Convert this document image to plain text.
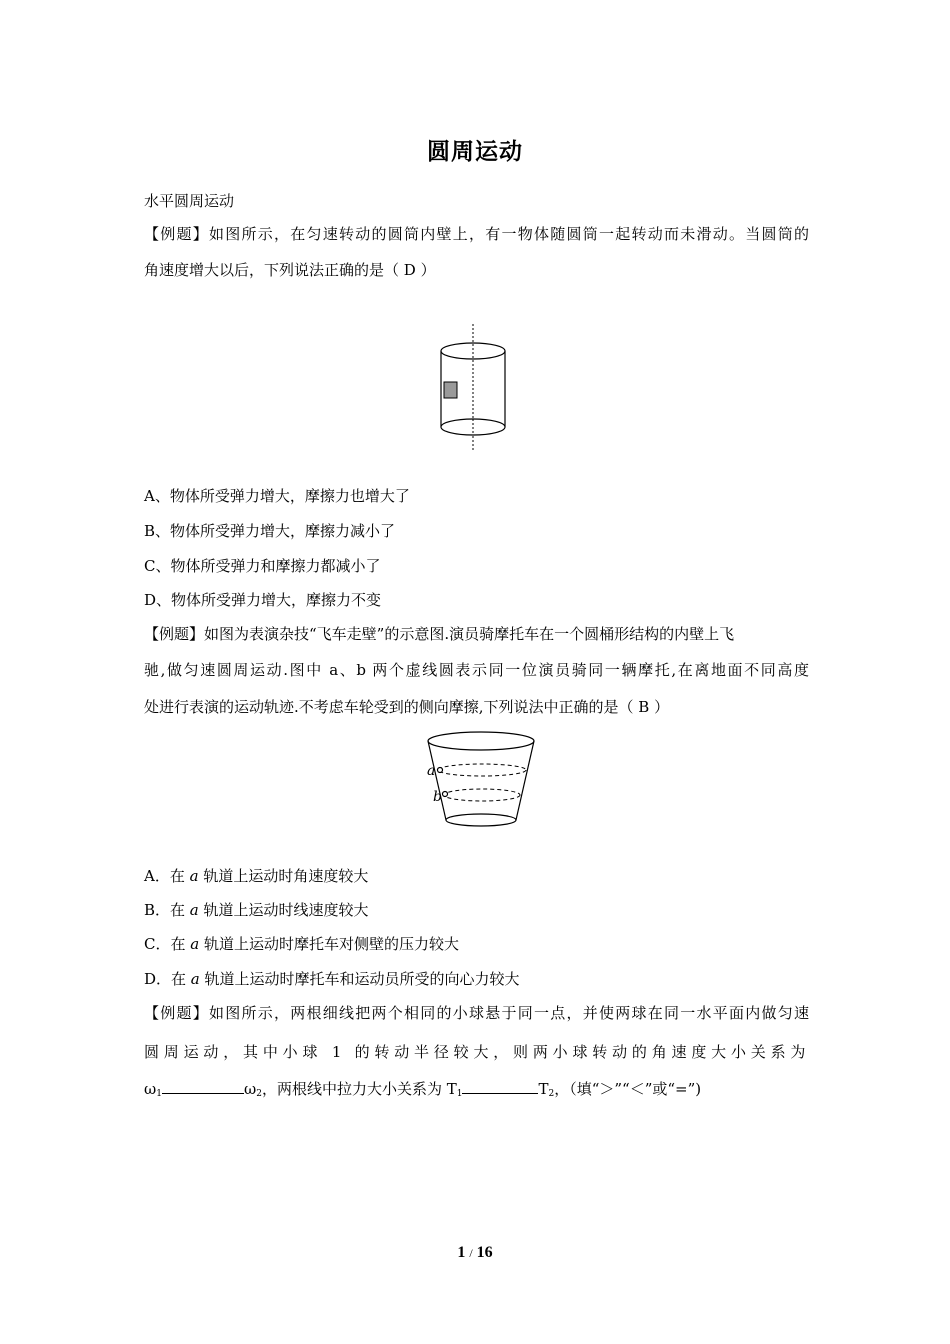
圆周运动
水平圆周运动
【例题】如图所示，在匀速转动的圆筒内壁上，有一物体随圆筒一起转动而未滑动。当圆筒的
角速度增大以后，下列说法正确的是（ D ）
A、物体所受弹力增大，摩擦力也增大了
B、物体所受弹力增大，摩擦力减小了
C、物体所受弹力和摩擦力都减小了
D、物体所受弹力增大，摩擦力不变
【例题】如图为表演杂技“飞车走壁”的示意图.演员骑摩托车在一个圆桶形结构的内壁上飞
驰,做匀速圆周运动.图中 a、b 两个虚线圆表示同一位演员骑同一辆摩托,在离地面不同高度
处进行表演的运动轨迹.不考虑车轮受到的侧向摩擦,下列说法中正确的是（ B ）
a
b
A．在 a 轨道上运动时角速度较大
B．在 a 轨道上运动时线速度较大
C．在 a 轨道上运动时摩托车对侧壁的压力较大
D．在 a 轨道上运动时摩托车和运动员所受的向心力较大
【例题】如图所示，两根细线把两个相同的小球悬于同一点，并使两球在同一水平面内做匀速
圆周运动，其中小球 1 的转动半径较大，则两小球转动的角速度大小关系为
$\omega_1$	$\omega_2$，两根线中拉力大小关系为 $T_1$	$T_2$，（填“＞”“＜”或“=”)
1 / 16
